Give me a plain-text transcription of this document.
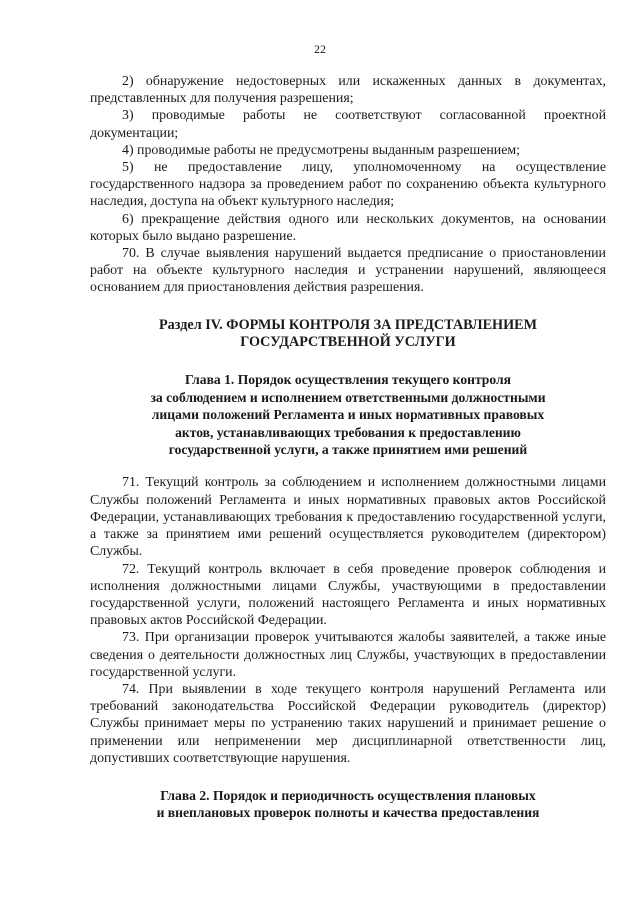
22

2) обнаружение недостоверных или искаженных данных в документах, представленных для получения разрешения;

3) проводимые работы не соответствуют согласованной проектной документации;

4) проводимые работы не предусмотрены выданным разрешением;

5) не предоставление лицу, уполномоченному на осуществление государственного надзора за проведением работ по сохранению объекта культурного наследия, доступа на объект культурного наследия;

6) прекращение действия одного или нескольких документов, на основании которых было выдано разрешение.

70. В случае выявления нарушений выдается предписание о приостановлении работ на объекте культурного наследия и устранении нарушений, являющееся основанием для приостановления действия разрешения.

Раздел IV. ФОРМЫ КОНТРОЛЯ ЗА ПРЕДСТАВЛЕНИЕМ
ГОСУДАРСТВЕННОЙ УСЛУГИ
Глава 1. Порядок осуществления текущего контроля
за соблюдением и исполнением ответственными должностными
лицами положений Регламента и иных нормативных правовых
актов, устанавливающих требования к предоставлению
государственной услуги, а также принятием ими решений

71. Текущий контроль за соблюдением и исполнением должностными лицами Службы положений Регламента и иных нормативных правовых актов Российской Федерации, устанавливающих требования к предоставлению государственной услуги, а также за принятием ими решений осуществляется руководителем (директором) Службы.

72. Текущий контроль включает в себя проведение проверок соблюдения и исполнения должностными лицами Службы, участвующими в предоставлении государственной услуги, положений настоящего Регламента и иных нормативных правовых актов Российской Федерации.

73. При организации проверок учитываются жалобы заявителей, а также иные сведения о деятельности должностных лиц Службы, участвующих в предоставлении государственной услуги.

74. При выявлении в ходе текущего контроля нарушений Регламента или требований законодательства Российской Федерации руководитель (директор) Службы принимает меры по устранению таких нарушений и принимает решение о применении или неприменении мер дисциплинарной ответственности лиц, допустивших соответствующие нарушения.

Глава 2. Порядок и периодичность осуществления плановых
и внеплановых проверок полноты и качества предоставления
